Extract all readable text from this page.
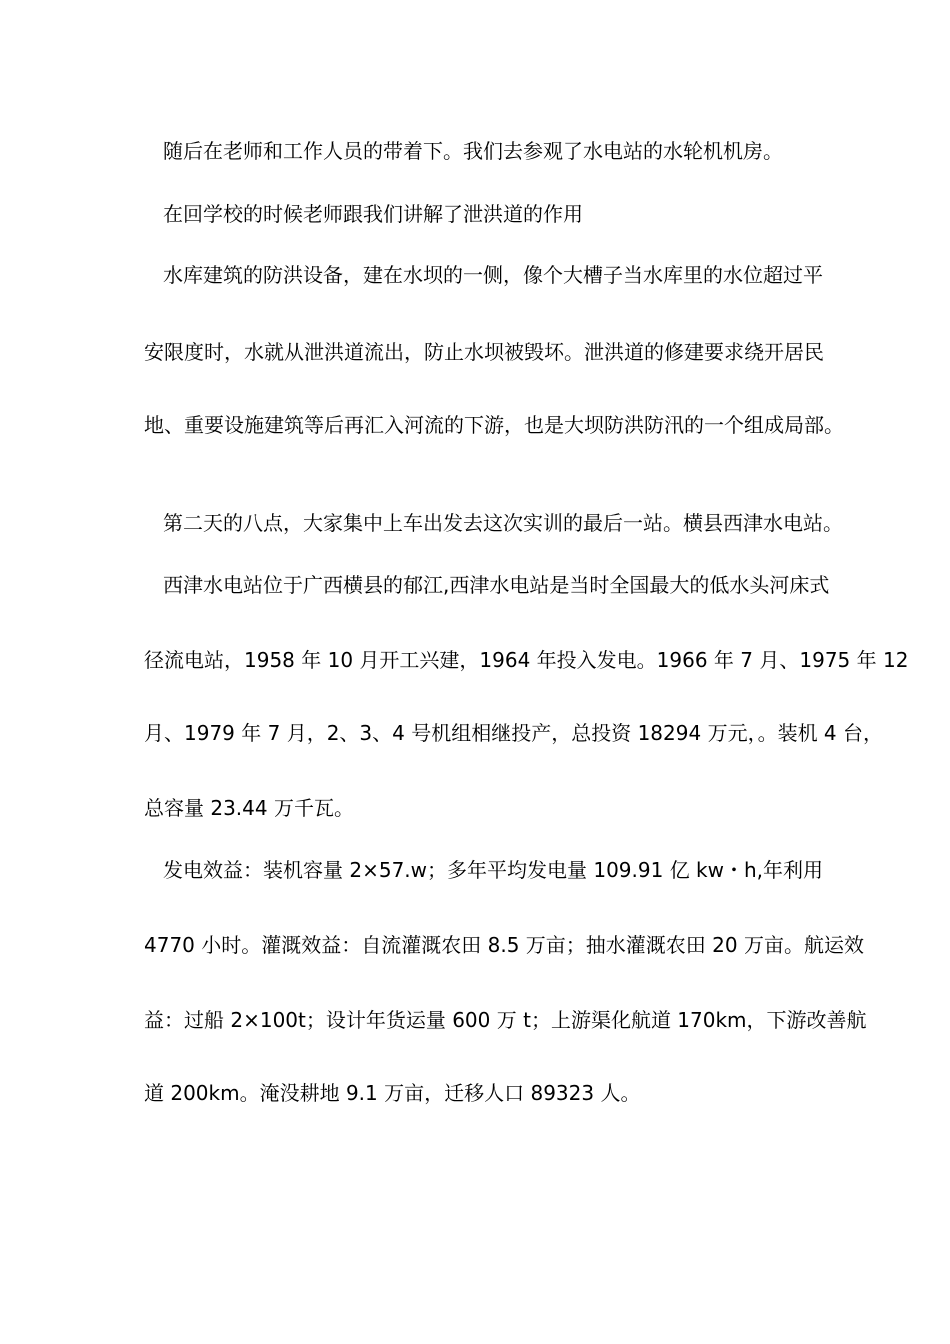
随后在老师和工作人员的带着下。我们去参观了水电站的水轮机机房。
在回学校的时候老师跟我们讲解了泄洪道的作用
水库建筑的防洪设备，建在水坝的一侧，像个大槽子当水库里的水位超过平
安限度时，水就从泄洪道流出，防止水坝被毁坏。泄洪道的修建要求绕开居民
地、重要设施建筑等后再汇入河流的下游，也是大坝防洪防汛的一个组成局部。
第二天的八点，大家集中上车出发去这次实训的最后一站。横县西津水电站。
西津水电站位于广西横县的郁江,西津水电站是当时全国最大的低水头河床式
径流电站，1958 年 10 月开工兴建，1964 年投入发电。1966 年 7 月、1975 年 12
月、1979 年 7 月，2、3、4 号机组相继投产，总投资 18294 万元，。装机 4 台，
总容量 23.44 万千瓦。
发电效益：装机容量 2×57.w；多年平均发电量 109.91 亿 kw・h,年利用
4770 小时。灌溉效益：自流灌溉农田 8.5 万亩；抽水灌溉农田 20 万亩。航运效
益：过船 2×100t；设计年货运量 600 万 t；上游渠化航道 170km，下游改善航
道 200km。淹没耕地 9.1 万亩，迁移人口 89323 人。
